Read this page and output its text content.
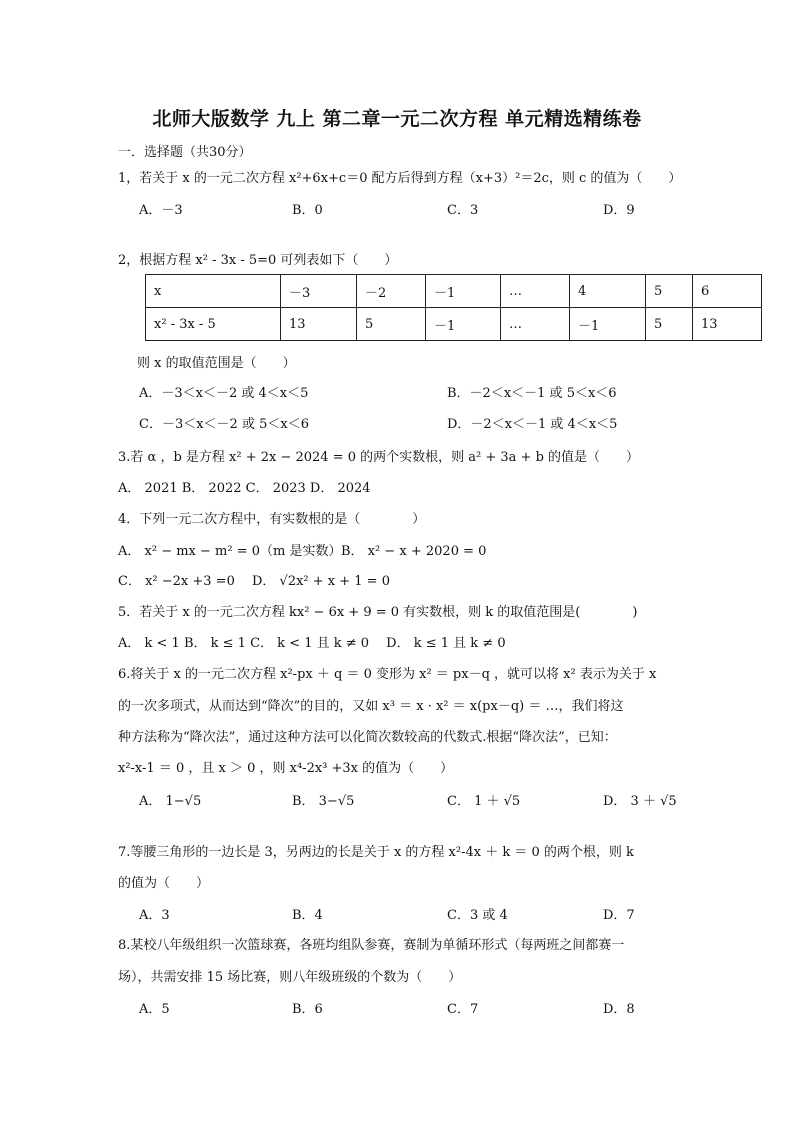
北师大版数学 九上 第二章一元二次方程 单元精选精练卷
一．选择题（共30分）
1，若关于 x 的一元二次方程 x²+6x+c＝0 配方后得到方程（x+3）²＝2c，则 c 的值为（　　）
A．－3	B．0	C．3	D．9
2，根据方程 x² - 3x - 5=0 可列表如下（　　）
x	－3	－2	－1	…	4	5	6
x² - 3x - 5	13	5	－1	…	－1	5	13
则 x 的取值范围是（　　）
A．－3＜x＜－2 或 4＜x＜5	B．－2＜x＜－1 或 5＜x＜6
C．－3＜x＜－2 或 5＜x＜6	D．－2＜x＜－1 或 4＜x＜5
3.若 α ，b 是方程 x² + 2x − 2024 = 0 的两个实数根，则 a² + 3a + b 的值是（　　）
A． 2021 B． 2022 C． 2023 D． 2024
4．下列一元二次方程中，有实数根的是（　　　　）
A． x² − mx − m² = 0（m 是实数） B． x² − x + 2020 = 0
C． x² −2x +3 =0　 D． √2x² + x + 1 = 0
5．若关于 x 的一元二次方程 kx² − 6x + 9 = 0 有实数根，则 k 的取值范围是(　　　　)
A． k < 1 B． k ≤ 1 C． k < 1 且 k ≠ 0　 D． k ≤ 1 且 k ≠ 0
6.将关于 x 的一元二次方程 x²-px ＋ q ＝ 0 变形为 x² ＝ px－q ，就可以将 x² 表示为关于 x
的一次多项式，从而达到“降次”的目的，又如 x³ ＝ x · x² ＝ x(px－q) ＝ …，我们将这
种方法称为“降次法”，通过这种方法可以化简次数较高的代数式.根据“降次法”，已知：
x²-x-1 ＝ 0 ，且 x ＞ 0 ，则 x⁴-2x³ +3x 的值为（　　）
A． 1−√5	B． 3−√5	C． 1 ＋ √5	D． 3 ＋ √5
7.等腰三角形的一边长是 3，另两边的长是关于 x 的方程 x²-4x ＋ k ＝ 0 的两个根，则 k
的值为（　　）
A．3	B．4	C．3 或 4	D．7
8.某校八年级组织一次篮球赛，各班均组队参赛，赛制为单循环形式（每两班之间都赛一
场），共需安排 15 场比赛，则八年级班级的个数为（　　）
A．5	B．6	C．7	D．8
